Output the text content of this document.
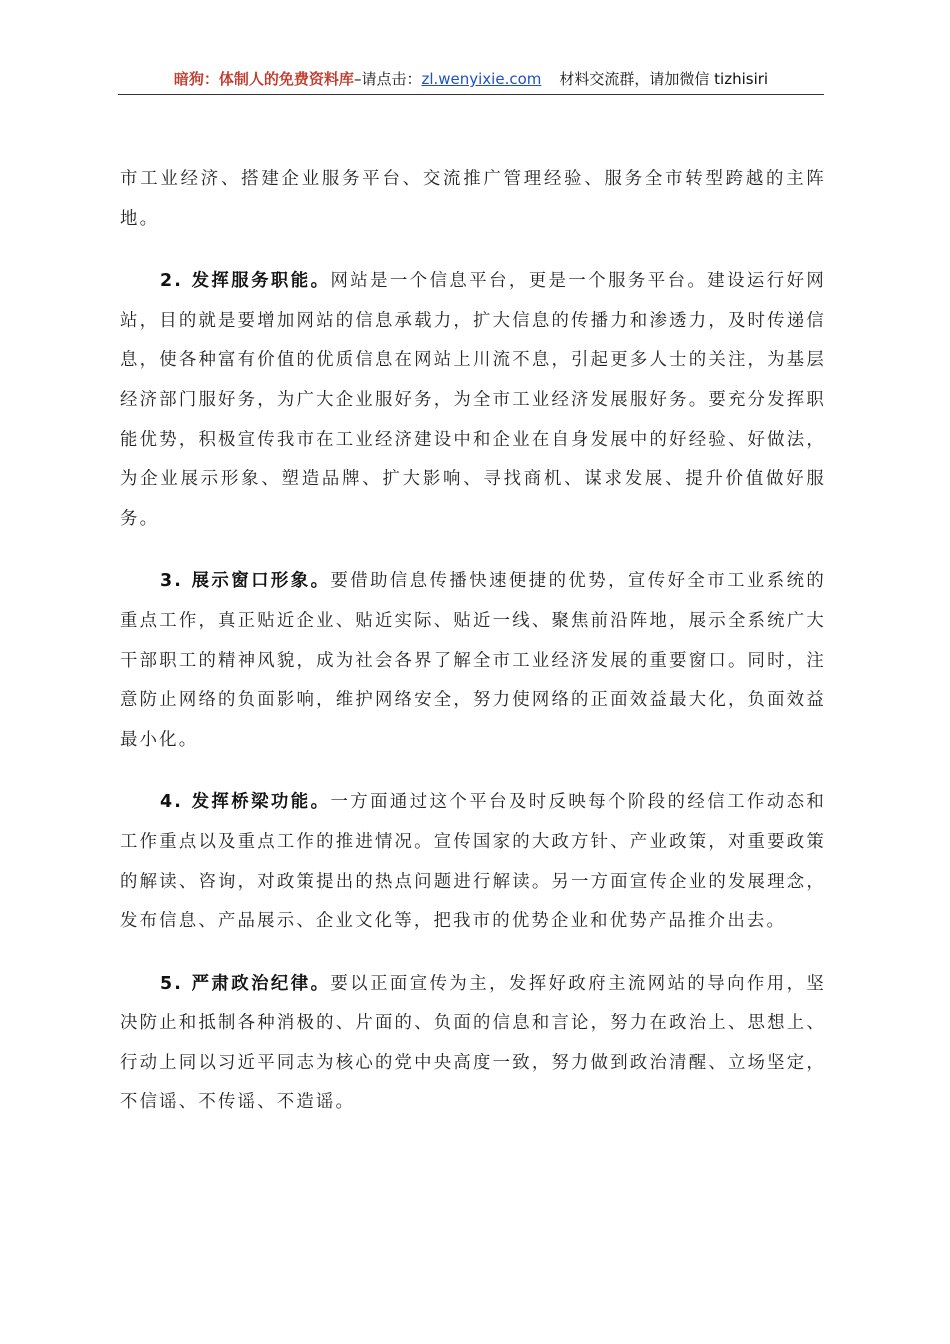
暗狗：体制人的免费资料库–请点击：zl.wenyixie.com 材料交流群，请加微信 tizhisiri

市工业经济、搭建企业服务平台、交流推广管理经验、服务全市转型跨越的主阵地。

2. 发挥服务职能。网站是一个信息平台，更是一个服务平台。建设运行好网站，目的就是要增加网站的信息承载力，扩大信息的传播力和渗透力，及时传递信息，使各种富有价值的优质信息在网站上川流不息，引起更多人士的关注，为基层经济部门服好务，为广大企业服好务，为全市工业经济发展服好务。要充分发挥职能优势，积极宣传我市在工业经济建设中和企业在自身发展中的好经验、好做法，为企业展示形象、塑造品牌、扩大影响、寻找商机、谋求发展、提升价值做好服务。

3. 展示窗口形象。要借助信息传播快速便捷的优势，宣传好全市工业系统的重点工作，真正贴近企业、贴近实际、贴近一线、聚焦前沿阵地，展示全系统广大干部职工的精神风貌，成为社会各界了解全市工业经济发展的重要窗口。同时，注意防止网络的负面影响，维护网络安全，努力使网络的正面效益最大化，负面效益最小化。

4. 发挥桥梁功能。一方面通过这个平台及时反映每个阶段的经信工作动态和工作重点以及重点工作的推进情况。宣传国家的大政方针、产业政策，对重要政策的解读、咨询，对政策提出的热点问题进行解读。另一方面宣传企业的发展理念，发布信息、产品展示、企业文化等，把我市的优势企业和优势产品推介出去。

5. 严肃政治纪律。要以正面宣传为主，发挥好政府主流网站的导向作用，坚决防止和抵制各种消极的、片面的、负面的信息和言论，努力在政治上、思想上、行动上同以习近平同志为核心的党中央高度一致，努力做到政治清醒、立场坚定，不信谣、不传谣、不造谣。
